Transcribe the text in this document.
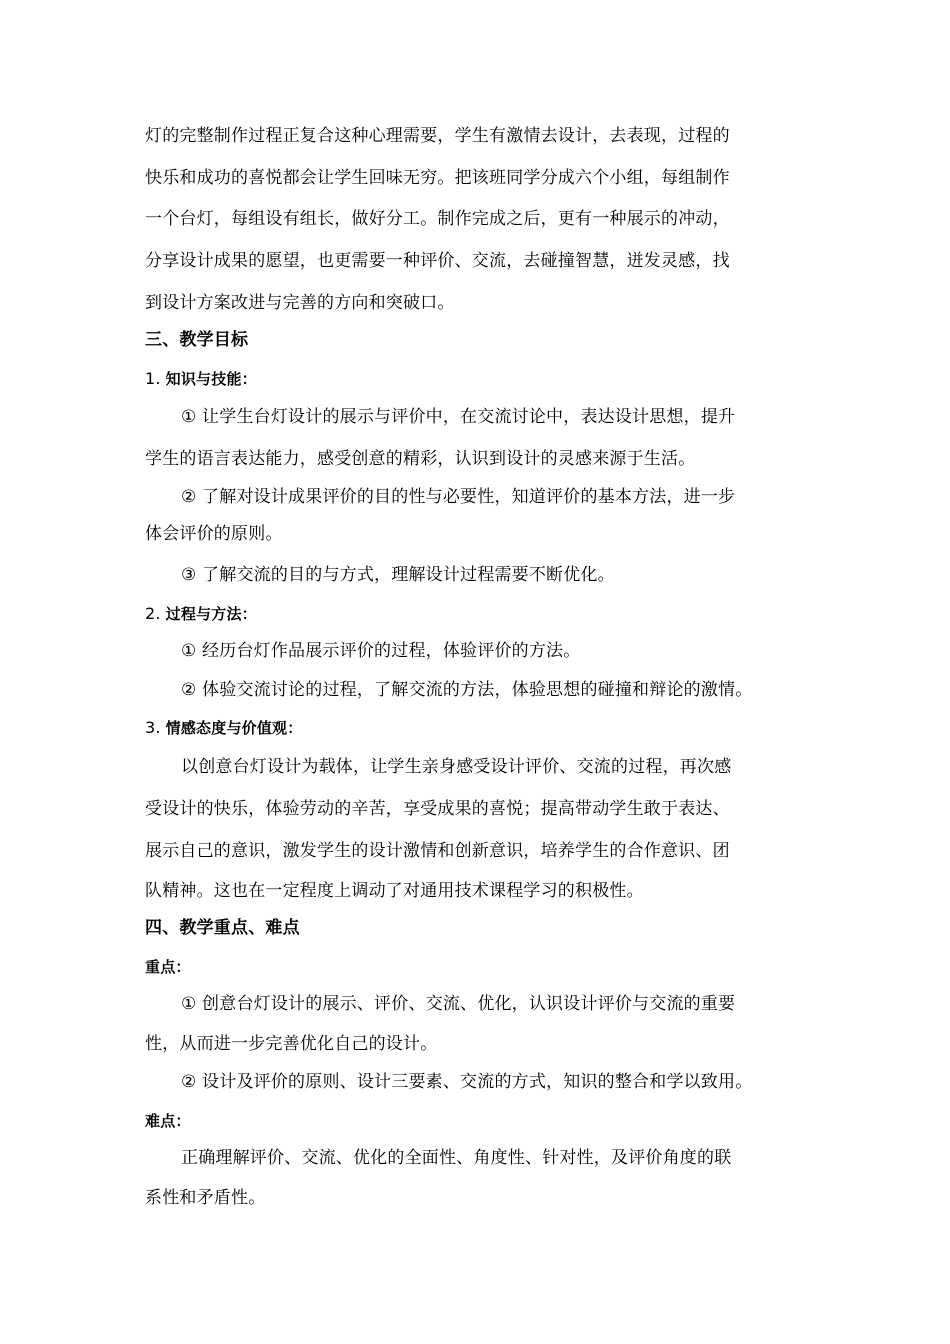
灯的完整制作过程正复合这种心理需要，学生有激情去设计，去表现，过程的
快乐和成功的喜悦都会让学生回味无穷。把该班同学分成六个小组，每组制作
一个台灯，每组设有组长，做好分工。制作完成之后，更有一种展示的冲动，
分享设计成果的愿望，也更需要一种评价、交流，去碰撞智慧，迸发灵感，找
到设计方案改进与完善的方向和突破口。
三、教学目标
1. 知识与技能：
① 让学生台灯设计的展示与评价中，在交流讨论中，表达设计思想，提升
学生的语言表达能力，感受创意的精彩，认识到设计的灵感来源于生活。
② 了解对设计成果评价的目的性与必要性，知道评价的基本方法，进一步
体会评价的原则。
③ 了解交流的目的与方式，理解设计过程需要不断优化。
2. 过程与方法：
① 经历台灯作品展示评价的过程，体验评价的方法。
② 体验交流讨论的过程，了解交流的方法，体验思想的碰撞和辩论的激情。
3. 情感态度与价值观：
以创意台灯设计为载体，让学生亲身感受设计评价、交流的过程，再次感
受设计的快乐，体验劳动的辛苦，享受成果的喜悦；提高带动学生敢于表达、
展示自己的意识，激发学生的设计激情和创新意识，培养学生的合作意识、团
队精神。这也在一定程度上调动了对通用技术课程学习的积极性。
四、教学重点、难点
重点：
① 创意台灯设计的展示、评价、交流、优化，认识设计评价与交流的重要
性，从而进一步完善优化自己的设计。
② 设计及评价的原则、设计三要素、交流的方式，知识的整合和学以致用。
难点：
正确理解评价、交流、优化的全面性、角度性、针对性，及评价角度的联
系性和矛盾性。
